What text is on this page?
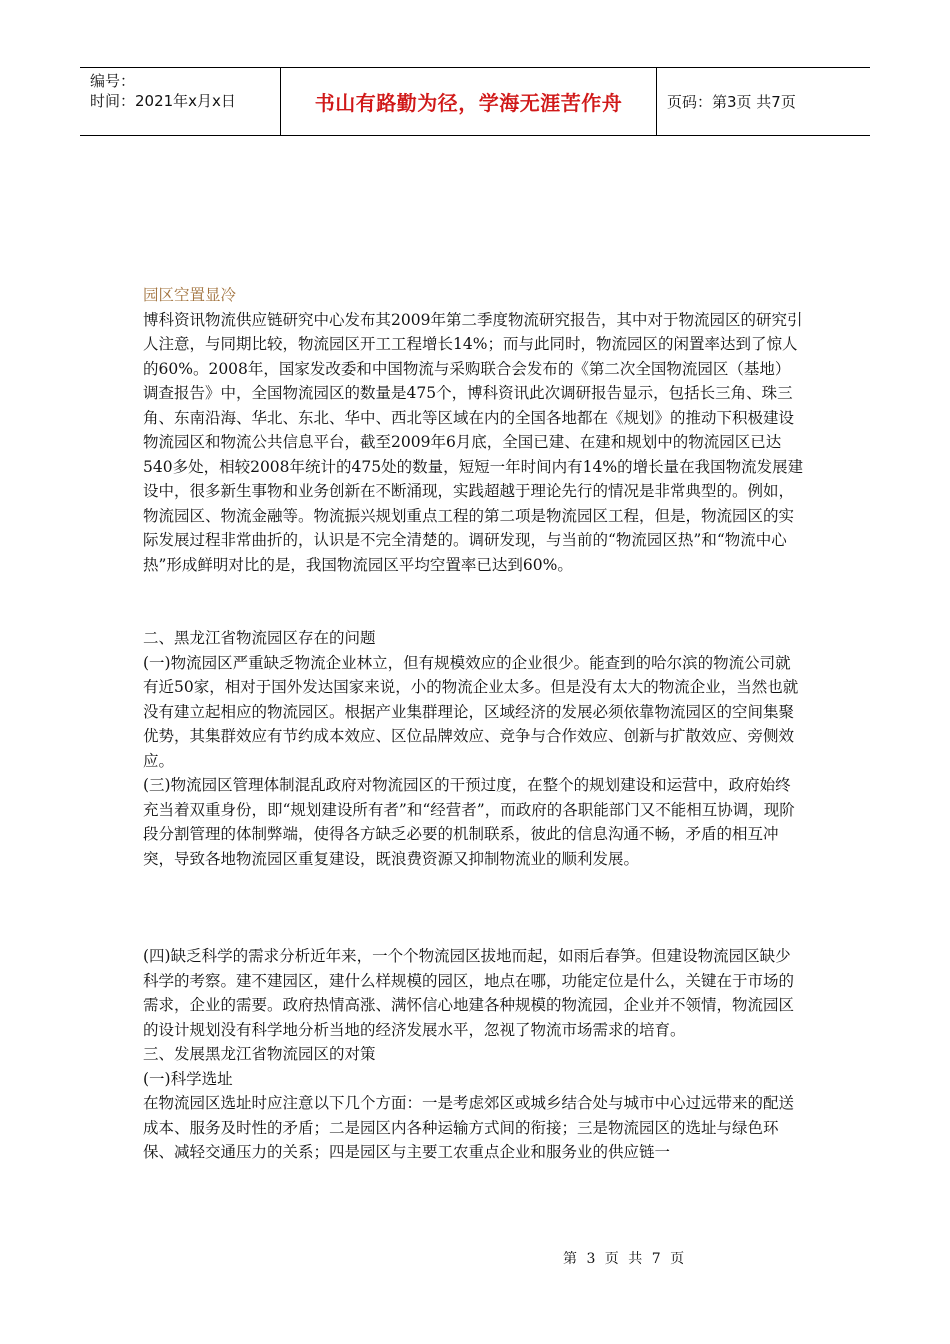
编号：
时间：2021年x月x日	书山有路勤为径，学海无涯苦作舟	页码：第3页 共7页

园区空置显冷

博科资讯物流供应链研究中心发布其2009年第二季度物流研究报告，其中对于物流园区的研究引人注意，与同期比较，物流园区开工工程增长14%；而与此同时，物流园区的闲置率达到了惊人的60%。2008年，国家发改委和中国物流与采购联合会发布的《第二次全国物流园区（基地）调查报告》中，全国物流园区的数量是475个，博科资讯此次调研报告显示，包括长三角、珠三角、东南沿海、华北、东北、华中、西北等区域在内的全国各地都在《规划》的推动下积极建设物流园区和物流公共信息平台，截至2009年6月底，全国已建、在建和规划中的物流园区已达540多处，相较2008年统计的475处的数量，短短一年时间内有14%的增长量在我国物流发展建设中，很多新生事物和业务创新在不断涌现，实践超越于理论先行的情况是非常典型的。例如，物流园区、物流金融等。物流振兴规划重点工程的第二项是物流园区工程，但是，物流园区的实际发展过程非常曲折的，认识是不完全清楚的。调研发现，与当前的“物流园区热”和“物流中心热”形成鲜明对比的是，我国物流园区平均空置率已达到60%。

二、黑龙江省物流园区存在的问题

(一)物流园区严重缺乏物流企业林立，但有规模效应的企业很少。能查到的哈尔滨的物流公司就有近50家，相对于国外发达国家来说，小的物流企业太多。但是没有太大的物流企业，当然也就没有建立起相应的物流园区。根据产业集群理论，区域经济的发展必须依靠物流园区的空间集聚优势，其集群效应有节约成本效应、区位品牌效应、竞争与合作效应、创新与扩散效应、旁侧效应。

(三)物流园区管理体制混乱政府对物流园区的干预过度，在整个的规划建设和运营中，政府始终充当着双重身份，即“规划建设所有者”和“经营者”，而政府的各职能部门又不能相互协调，现阶段分割管理的体制弊端，使得各方缺乏必要的机制联系，彼此的信息沟通不畅，矛盾的相互冲突，导致各地物流园区重复建设，既浪费资源又抑制物流业的顺利发展。

(四)缺乏科学的需求分析近年来，一个个物流园区拔地而起，如雨后春笋。但建设物流园区缺少科学的考察。建不建园区，建什么样规模的园区，地点在哪，功能定位是什么，关键在于市场的需求，企业的需要。政府热情高涨、满怀信心地建各种规模的物流园，企业并不领情，物流园区的设计规划没有科学地分析当地的经济发展水平，忽视了物流市场需求的培育。

三、发展黑龙江省物流园区的对策

(一)科学选址

在物流园区选址时应注意以下几个方面：一是考虑郊区或城乡结合处与城市中心过远带来的配送成本、服务及时性的矛盾；二是园区内各种运输方式间的衔接；三是物流园区的选址与绿色环保、减轻交通压力的关系；四是园区与主要工农重点企业和服务业的供应链一

第 3 页 共 7 页
